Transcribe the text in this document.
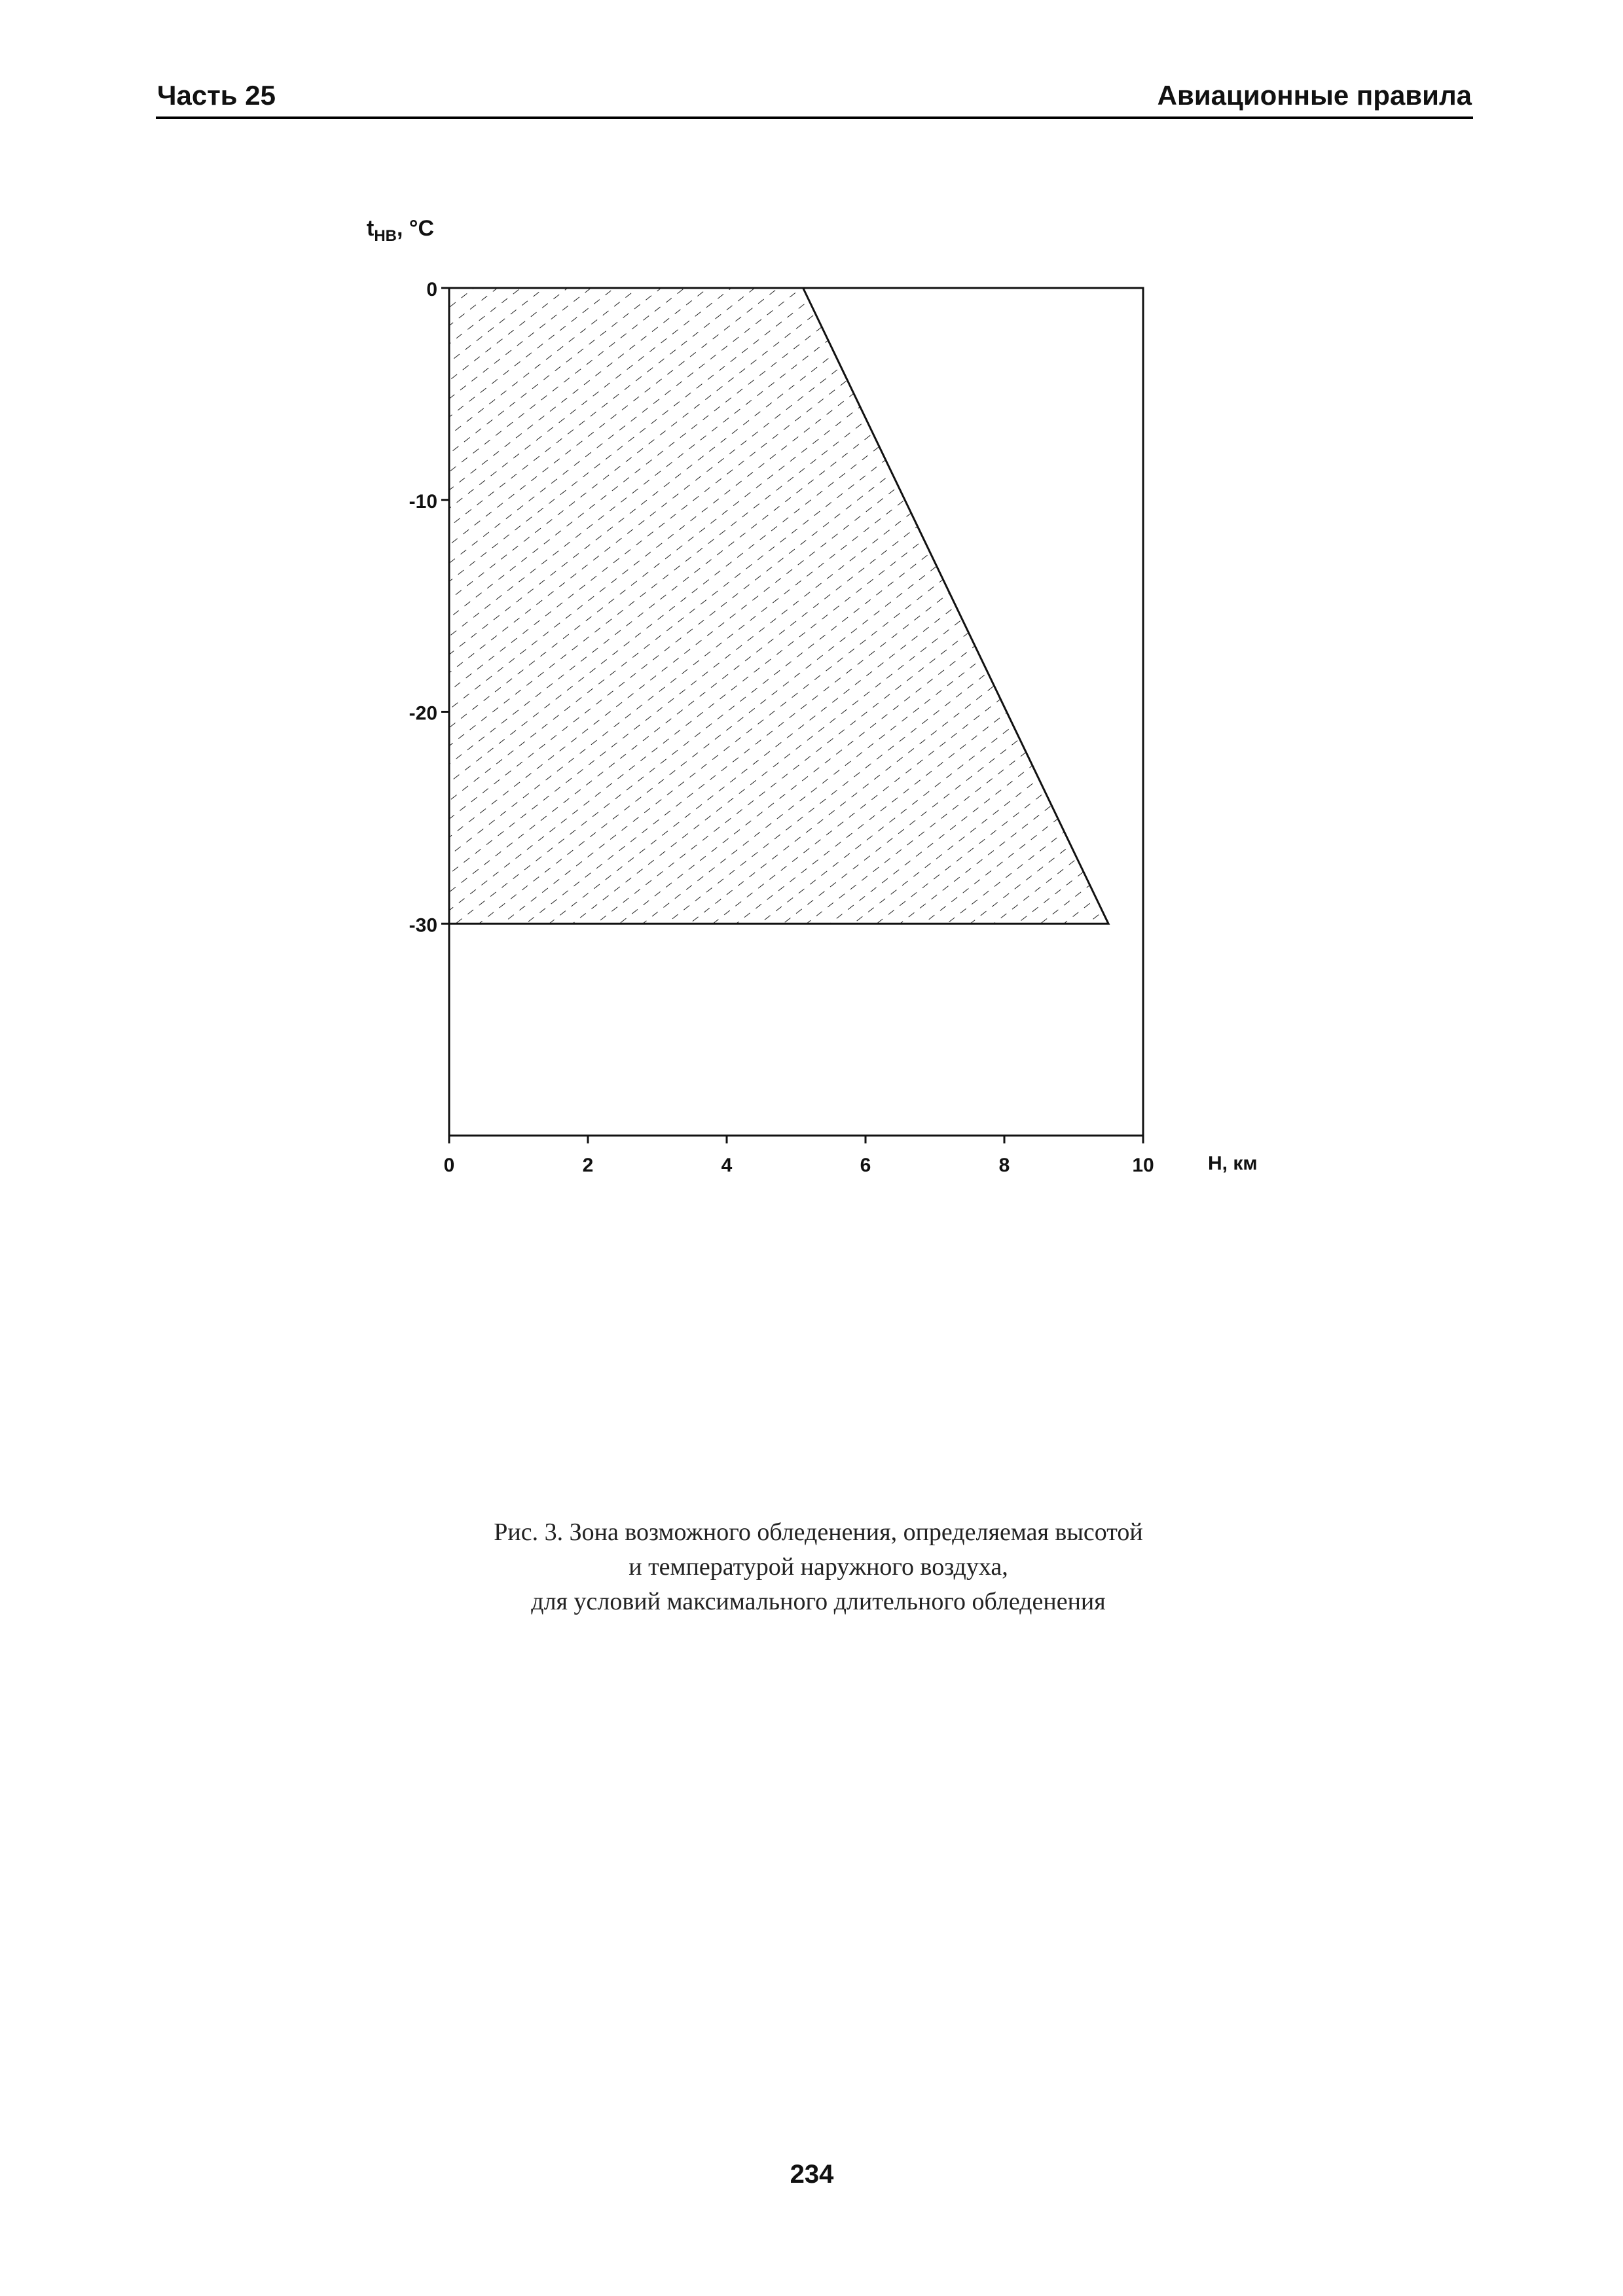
Часть 25	Авиационные правила
0
-10
-20
-30
0	2	4	6	8	10
$t_{НВ}$, °C
H, км
Рис. 3. Зона возможного обледенения, определяемая высотой
и температурой наружного воздуха,
для условий максимального длительного обледенения
234
